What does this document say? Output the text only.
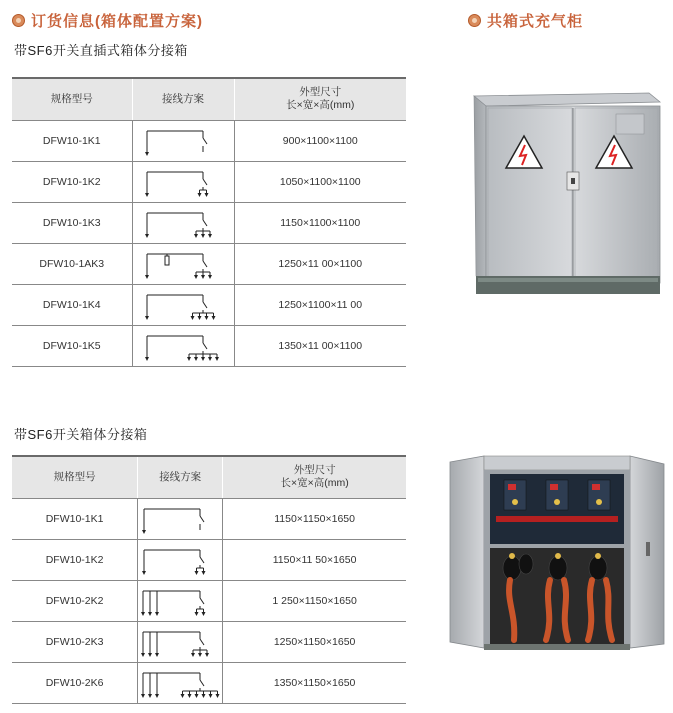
订货信息(箱体配置方案)	共箱式充气柜
带SF6开关直插式箱体分接箱
规格型号	接线方案	外型尺寸
长×宽×高(mm)

DFW10-1K1		900×1100×1100
DFW10-1K2		1050×1100×1100
DFW10-1K3		1150×1100×1100
DFW10-1AK3		1250×11 00×1100
DFW10-1K4		1250×1100×11 00
DFW10-1K5		1350×11 00×1100
带SF6开关箱体分接箱
规格型号	接线方案	外型尺寸
长×宽×高(mm)

DFW10-1K1		1150×1150×1650
DFW10-1K2		1150×11 50×1650
DFW10-2K2		1 250×1150×1650
DFW10-2K3		1250×1150×1650
DFW10-2K6		1350×1150×1650
